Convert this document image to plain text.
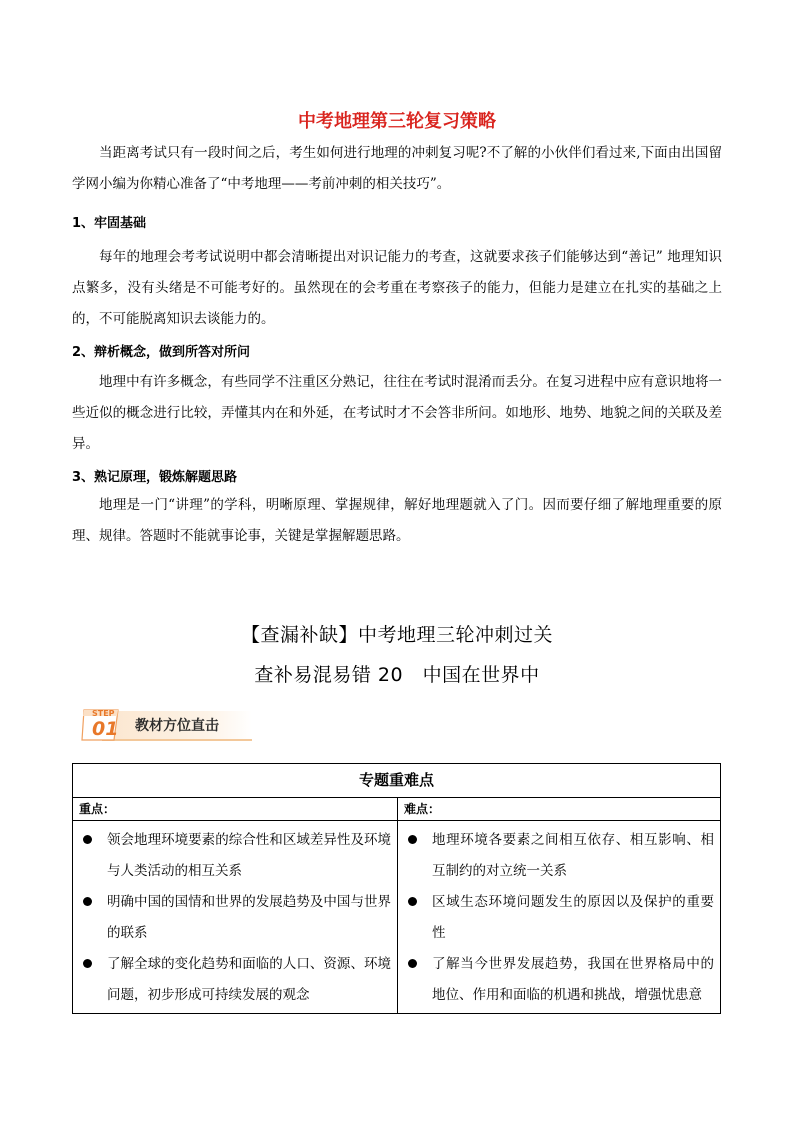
中考地理第三轮复习策略

当距离考试只有一段时间之后，考生如何进行地理的冲刺复习呢?不了解的小伙伴们看过来,下面由出国留学网小编为你精心准备了“中考地理——考前冲刺的相关技巧”。

1、牢固基础

每年的地理会考考试说明中都会清晰提出对识记能力的考查，这就要求孩子们能够达到“善记” 地理知识点繁多，没有头绪是不可能考好的。虽然现在的会考重在考察孩子的能力，但能力是建立在扎实的基础之上的，不可能脱离知识去谈能力的。

2、辩析概念，做到所答对所问

地理中有许多概念，有些同学不注重区分熟记，往往在考试时混淆而丢分。在复习进程中应有意识地将一些近似的概念进行比较，弄懂其内在和外延，在考试时才不会答非所问。如地形、地势、地貌之间的关联及差异。

3、熟记原理，锻炼解题思路

地理是一门“讲理”的学科，明晰原理、掌握规律，解好地理题就入了门。因而要仔细了解地理重要的原理、规律。答题时不能就事论事，关键是掌握解题思路。

【查漏补缺】中考地理三轮冲刺过关
查补易混易错 20　中国在世界中
STEP
01 教材方位直击
专题重难点
重点：
领会地理环境要素的综合性和区域差异性及环境与人类活动的相互关系
明确中国的国情和世界的发展趋势及中国与世界的联系
了解全球的变化趋势和面临的人口、资源、环境问题，初步形成可持续发展的观念
难点：
地理环境各要素之间相互依存、相互影响、相互制约的对立统一关系
区域生态环境问题发生的原因以及保护的重要性
了解当今世界发展趋势，我国在世界格局中的地位、作用和面临的机遇和挑战，增强忧患意
